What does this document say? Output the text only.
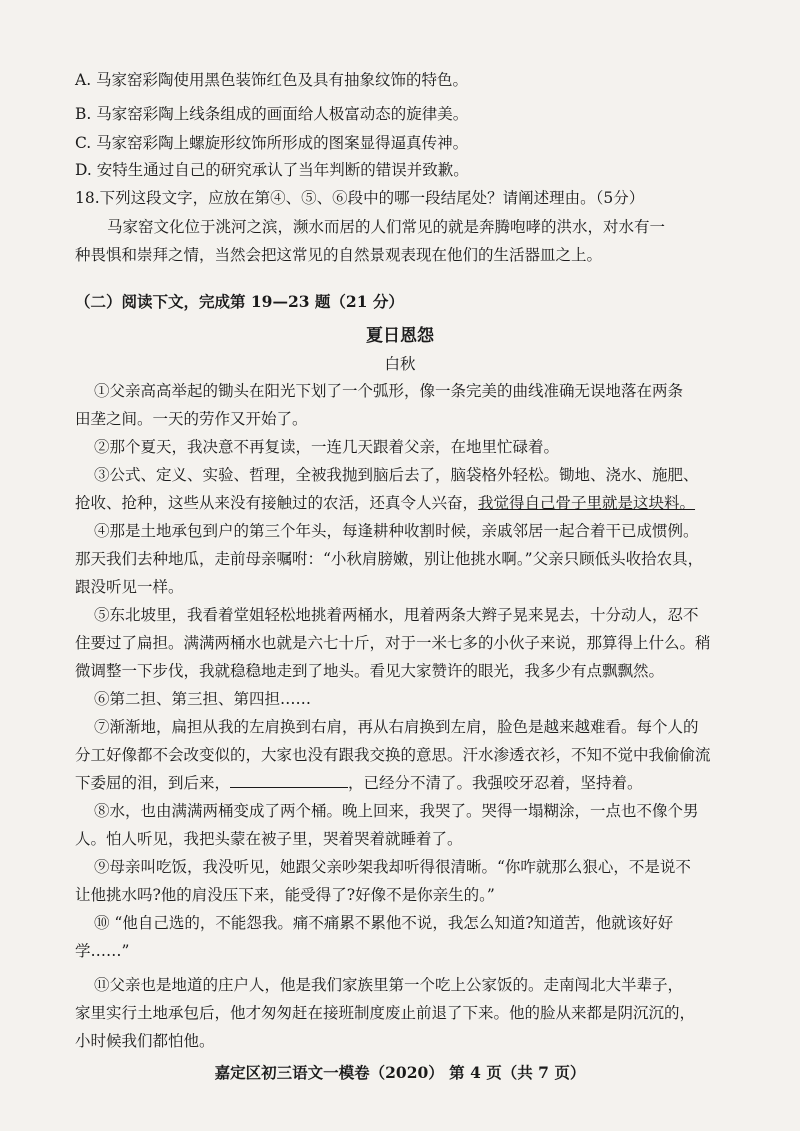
A. 马家窑彩陶使用黑色装饰红色及具有抽象纹饰的特色。
B. 马家窑彩陶上线条组成的画面给人极富动态的旋律美。
C. 马家窑彩陶上螺旋形纹饰所形成的图案显得逼真传神。
D. 安特生通过自己的研究承认了当年判断的错误并致歉。
18.下列这段文字，应放在第④、⑤、⑥段中的哪一段结尾处？请阐述理由。（5分）
马家窑文化位于洮河之滨，濒水而居的人们常见的就是奔腾咆哮的洪水，对水有一
种畏惧和崇拜之情，当然会把这常见的自然景观表现在他们的生活器皿之上。
（二）阅读下文，完成第 19—23 题（21 分）
夏日恩怨
白秋
①父亲高高举起的锄头在阳光下划了一个弧形，像一条完美的曲线准确无误地落在两条
田垄之间。一天的劳作又开始了。
②那个夏天，我决意不再复读，一连几天跟着父亲，在地里忙碌着。
③公式、定义、实验、哲理，全被我抛到脑后去了，脑袋格外轻松。锄地、浇水、施肥、
抢收、抢种，这些从来没有接触过的农活，还真令人兴奋，我觉得自己骨子里就是这块料。
④那是土地承包到户的第三个年头，每逢耕种收割时候，亲戚邻居一起合着干已成惯例。
那天我们去种地瓜，走前母亲嘱咐：“小秋肩膀嫩，别让他挑水啊。”父亲只顾低头收拾农具，
跟没听见一样。
⑤东北坡里，我看着堂姐轻松地挑着两桶水，甩着两条大辫子晃来晃去，十分动人，忍不
住要过了扁担。满满两桶水也就是六七十斤，对于一米七多的小伙子来说，那算得上什么。稍
微调整一下步伐，我就稳稳地走到了地头。看见大家赞许的眼光，我多少有点飘飘然。
⑥第二担、第三担、第四担……
⑦渐渐地，扁担从我的左肩换到右肩，再从右肩换到左肩，脸色是越来越难看。每个人的
分工好像都不会改变似的，大家也没有跟我交换的意思。汗水渗透衣衫，不知不觉中我偷偷流
下委屈的泪，到后来，	，已经分不清了。我强咬牙忍着，坚持着。
⑧水，也由满满两桶变成了两个桶。晚上回来，我哭了。哭得一塌糊涂，一点也不像个男
人。怕人听见，我把头蒙在被子里，哭着哭着就睡着了。
⑨母亲叫吃饭，我没听见，她跟父亲吵架我却听得很清晰。“你咋就那么狠心，不是说不
让他挑水吗?他的肩没压下来，能受得了?好像不是你亲生的。”
⑩ “他自己选的，不能怨我。痛不痛累不累他不说，我怎么知道?知道苦，他就该好好
学……”
⑪父亲也是地道的庄户人，他是我们家族里第一个吃上公家饭的。走南闯北大半辈子，
家里实行土地承包后，他才匆匆赶在接班制度废止前退了下来。他的脸从来都是阴沉沉的，
小时候我们都怕他。
嘉定区初三语文一模卷（2020） 第 4 页（共 7 页）
